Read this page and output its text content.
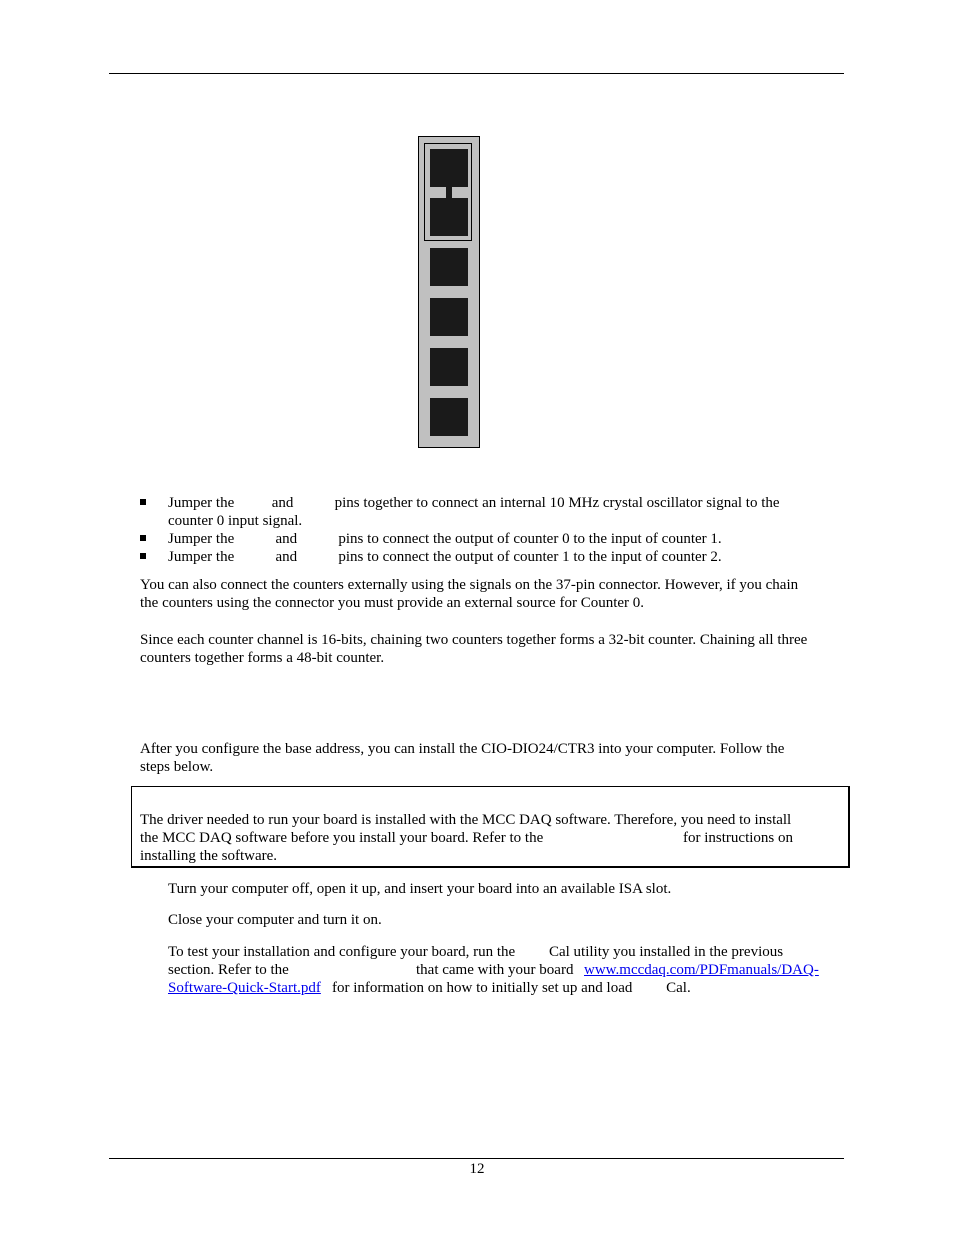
Jumper the          and           pins together to connect an internal 10 MHz crystal oscillator signal to the
counter 0 input signal.
Jumper the           and           pins to connect the output of counter 0 to the input of counter 1.
Jumper the           and           pins to connect the output of counter 1 to the input of counter 2.
You can also connect the counters externally using the signals on the 37-pin connector. However, if you chain
the counters using the connector you must provide an external source for Counter 0.
Since each counter channel is 16-bits, chaining two counters together forms a 32-bit counter. Chaining all three
counters together forms a 48-bit counter.
After you configure the base address, you can install the CIO-DIO24/CTR3 into your computer. Follow the
steps below.
The driver needed to run your board is installed with the MCC DAQ software. Therefore, you need to install
the MCC DAQ software before you install your board. Refer to the	for instructions on
installing the software.
Turn your computer off, open it up, and insert your board into an available ISA slot.
Close your computer and turn it on.
To test your installation and configure your board, run the         Cal utility you installed in the previous
section. Refer to the	that came with your board www.mccdaq.com/PDFmanuals/DAQ-
Software-Quick-Start.pdf for information on how to initially set up and load         Cal.
12
